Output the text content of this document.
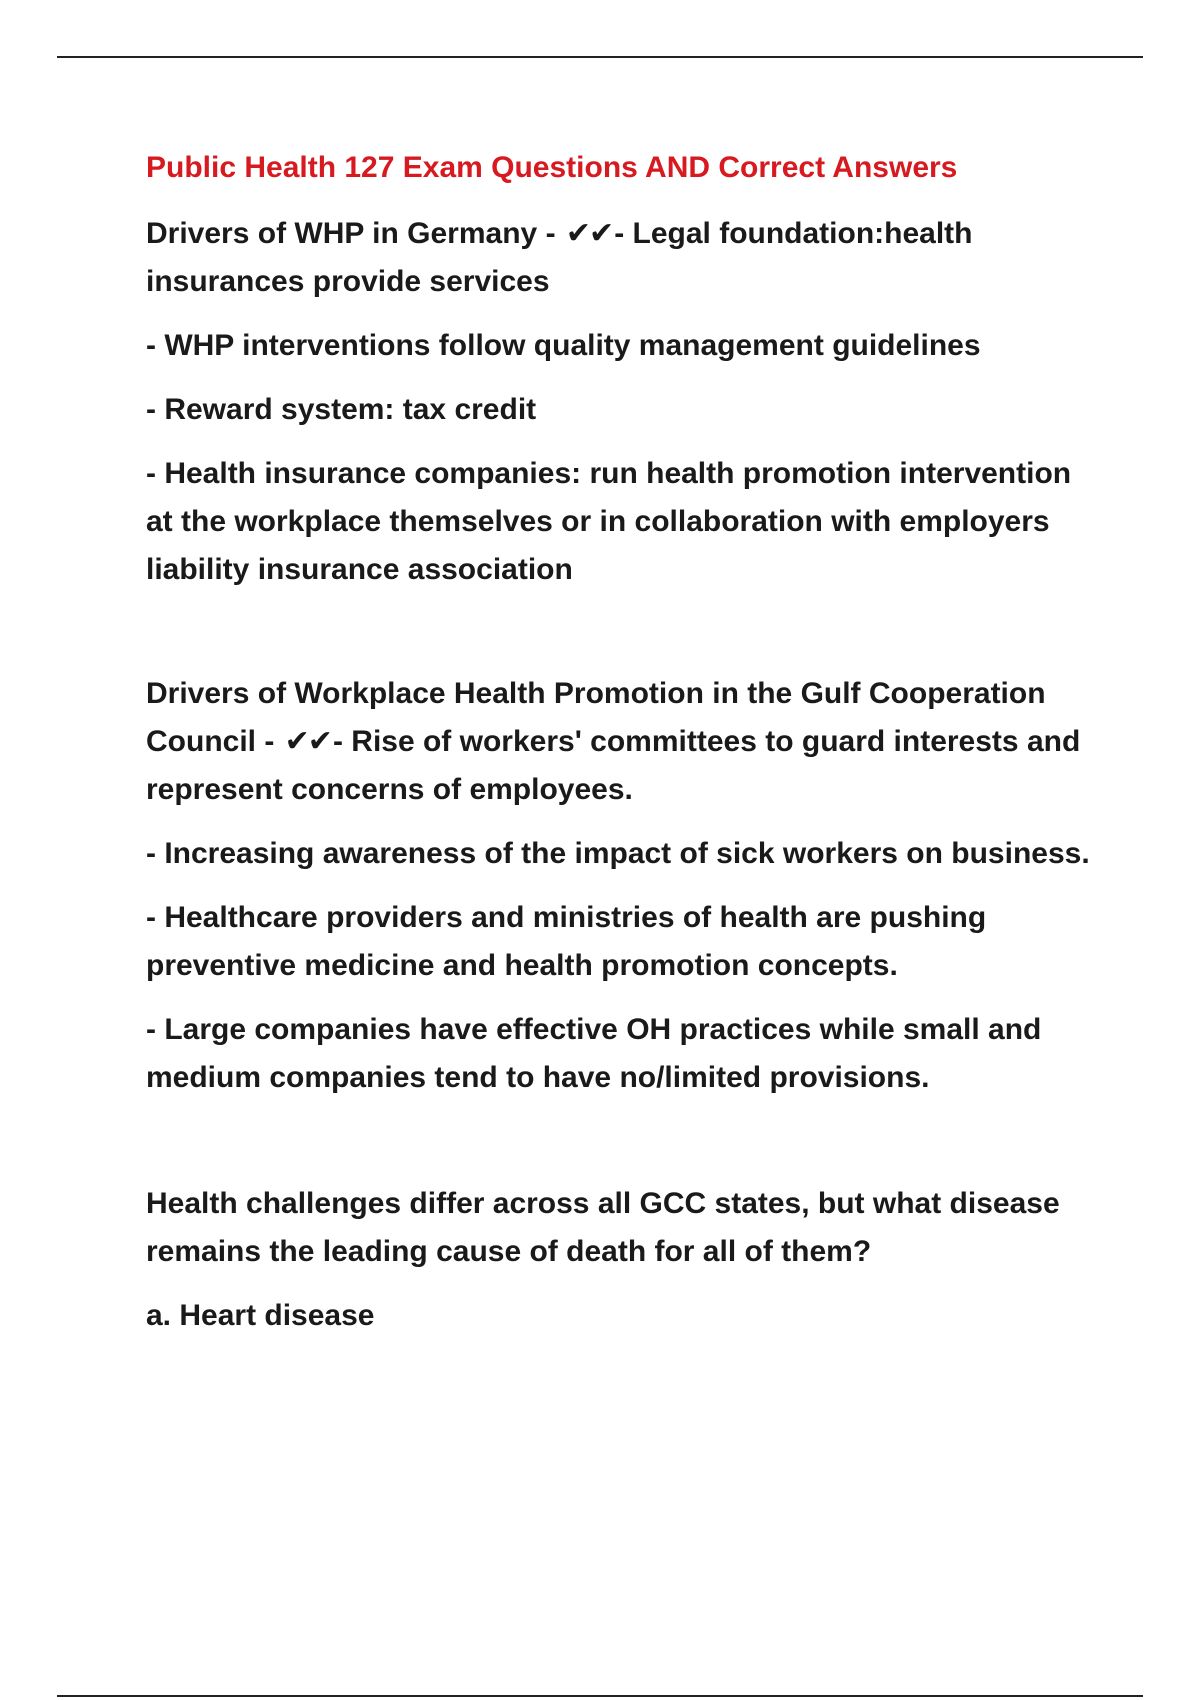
Public Health 127 Exam Questions AND Correct Answers
Drivers of WHP in Germany - ✔✔- Legal foundation:health insurances provide services
- WHP interventions follow quality management guidelines
- Reward system: tax credit
- Health insurance companies: run health promotion intervention at the workplace themselves or in collaboration with employers liability insurance association
Drivers of Workplace Health Promotion in the Gulf Cooperation Council - ✔✔- Rise of workers' committees to guard interests and represent concerns of employees.
- Increasing awareness of the impact of sick workers on business.
- Healthcare providers and ministries of health are pushing preventive medicine and health promotion concepts.
- Large companies have effective OH practices while small and medium companies tend to have no/limited provisions.
Health challenges differ across all GCC states, but what disease remains the leading cause of death for all of them?
a. Heart disease
